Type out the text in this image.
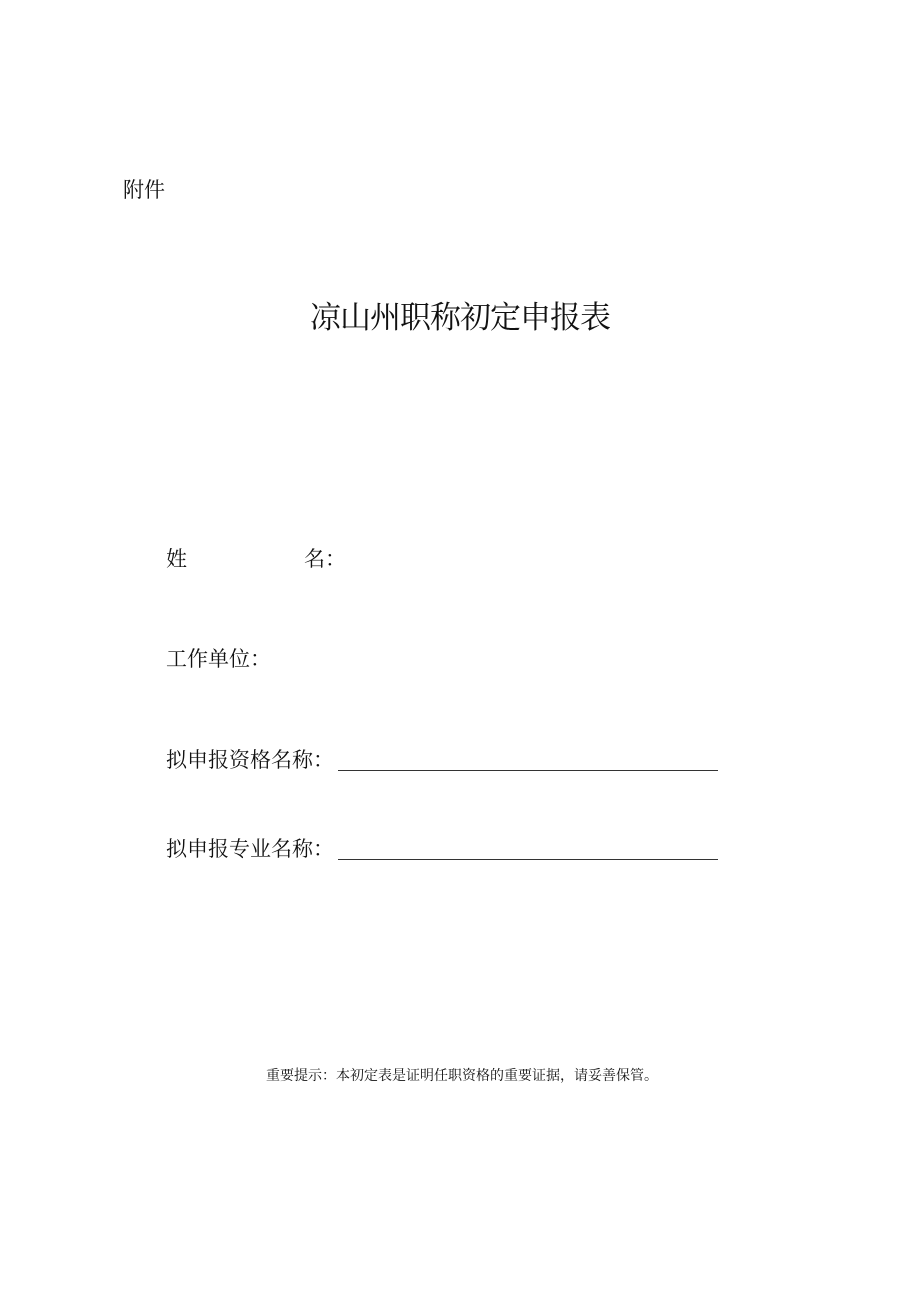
附件
凉山州职称初定申报表
姓	名：
工作单位：
拟申报资格名称：
拟申报专业名称：
重要提示：本初定表是证明任职资格的重要证据，请妥善保管。
